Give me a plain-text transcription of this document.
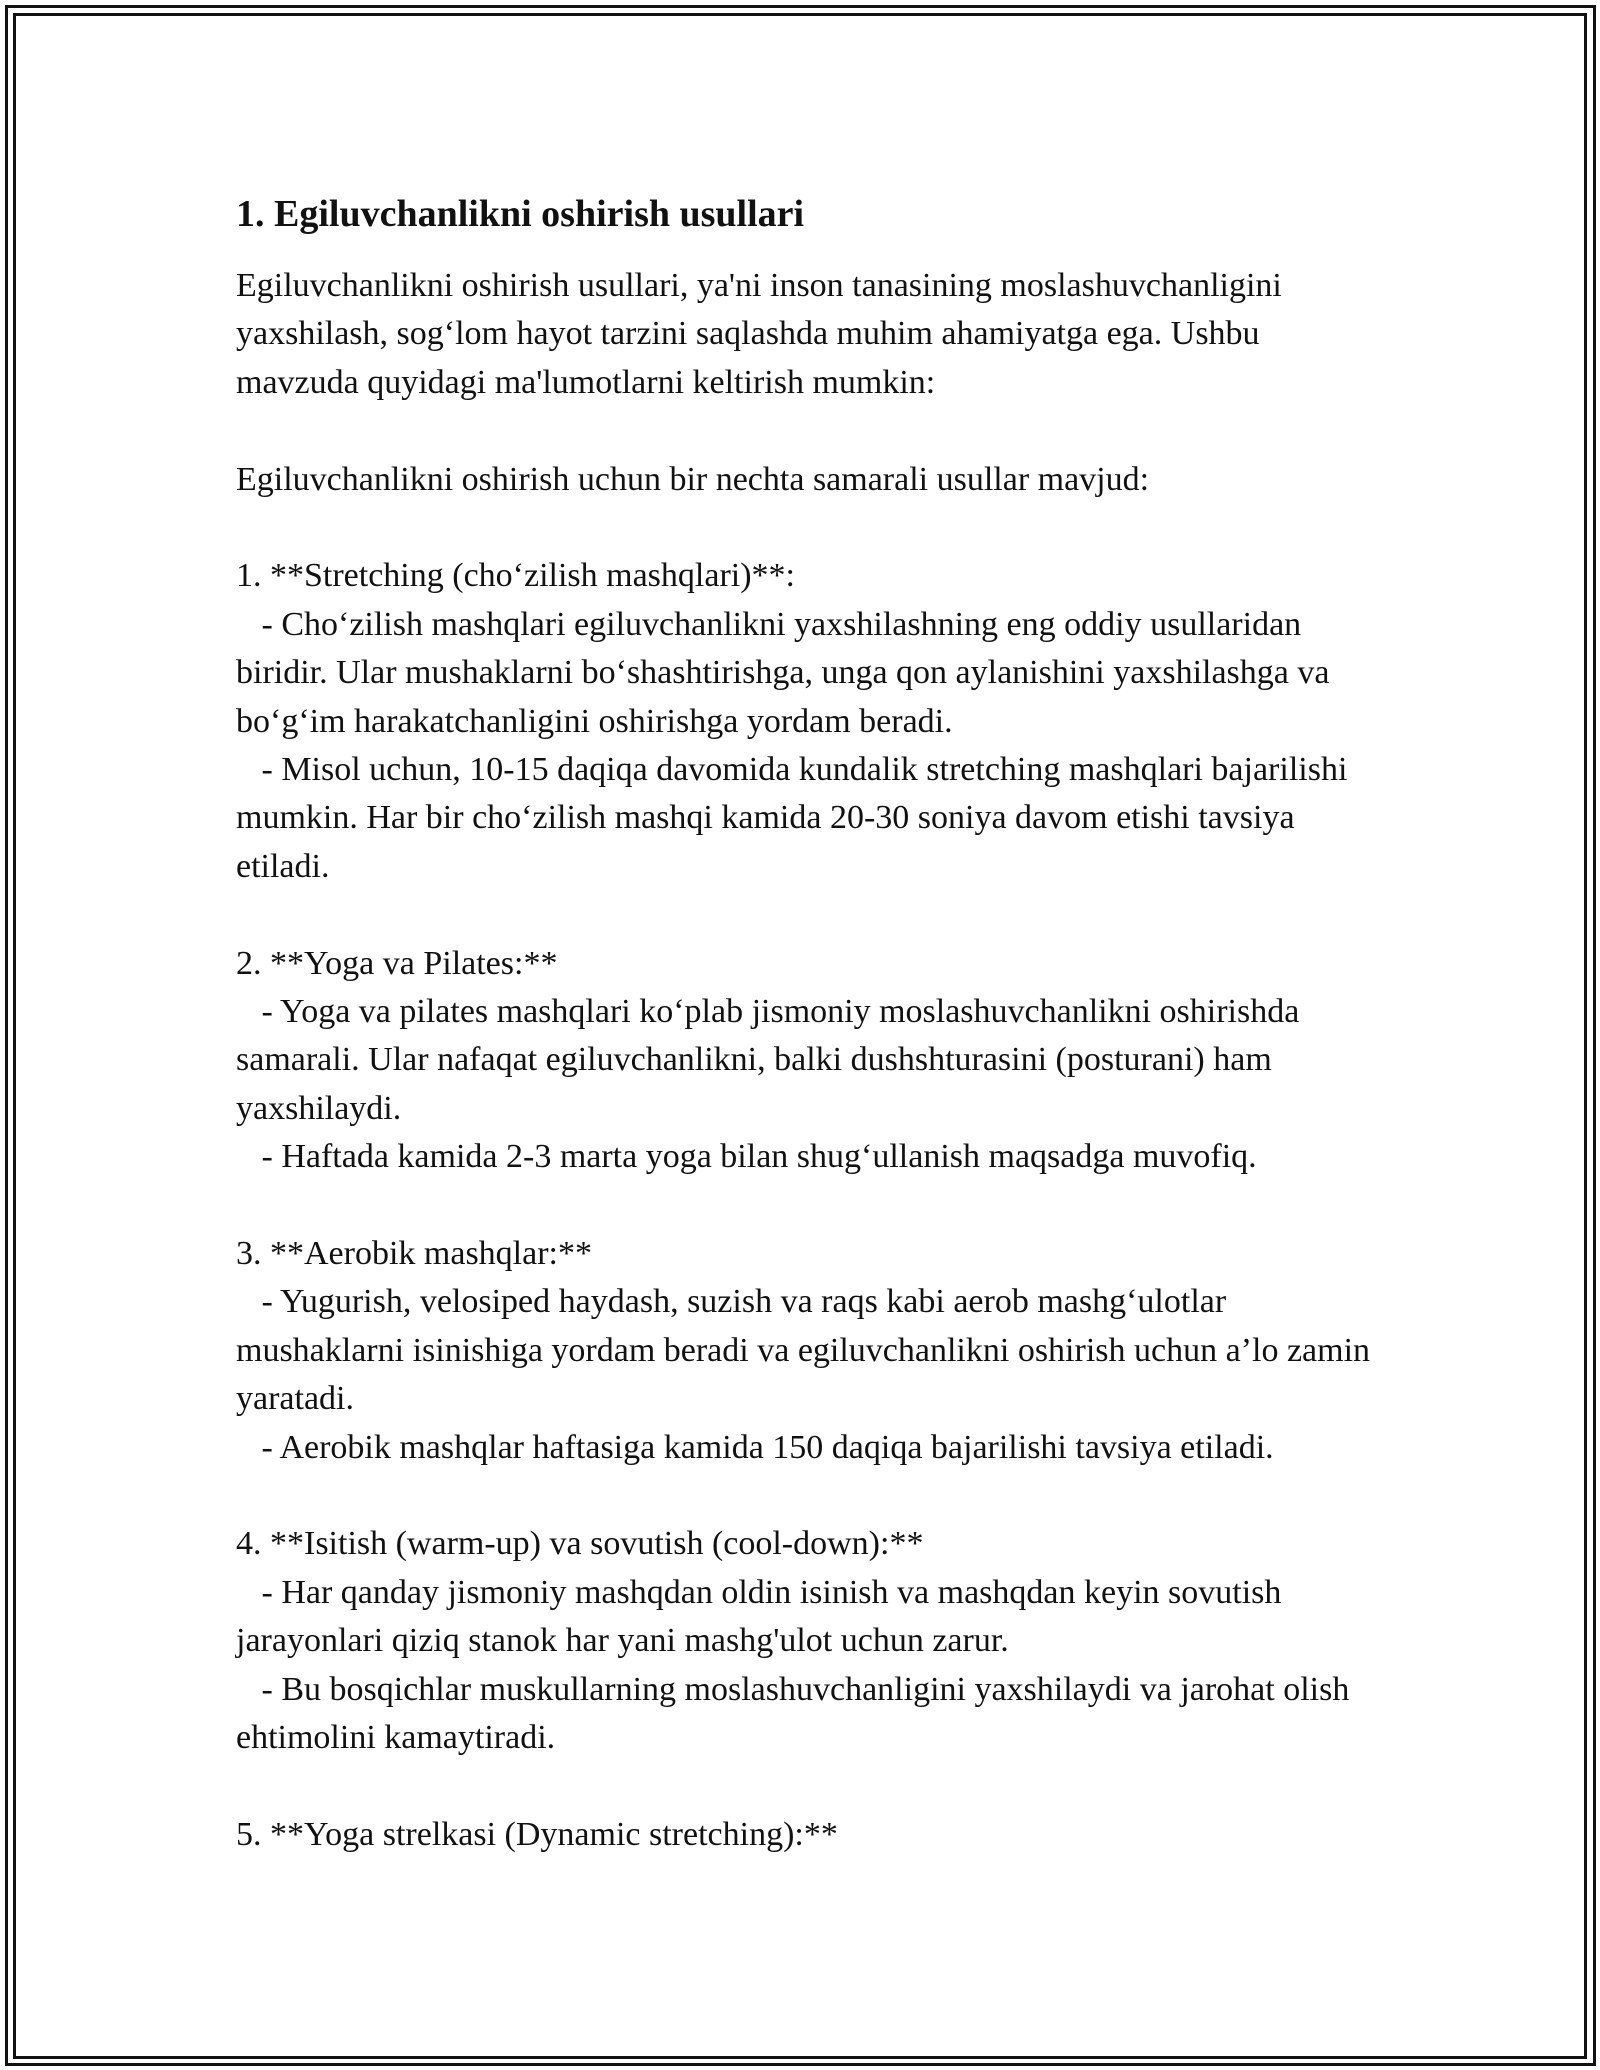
1. Egiluvchanlikni oshirish usullari

Egiluvchanlikni oshirish usullari, ya'ni inson tanasining moslashuvchanligini yaxshilash, sog‘lom hayot tarzini saqlashda muhim ahamiyatga ega. Ushbu mavzuda quyidagi ma'lumotlarni keltirish mumkin:

Egiluvchanlikni oshirish uchun bir nechta samarali usullar mavjud:

1. **Stretching (cho‘zilish mashqlari)**:

- Cho‘zilish mashqlari egiluvchanlikni yaxshilashning eng oddiy usullaridan biridir. Ular mushaklarni bo‘shashtirishga, unga qon aylanishini yaxshilashga va bo‘g‘im harakatchanligini oshirishga yordam beradi.

- Misol uchun, 10-15 daqiqa davomida kundalik stretching mashqlari bajarilishi mumkin. Har bir cho‘zilish mashqi kamida 20-30 soniya davom etishi tavsiya etiladi.

2. **Yoga va Pilates:**

- Yoga va pilates mashqlari ko‘plab jismoniy moslashuvchanlikni oshirishda samarali. Ular nafaqat egiluvchanlikni, balki dushshturasini (posturani) ham yaxshilaydi.

- Haftada kamida 2-3 marta yoga bilan shug‘ullanish maqsadga muvofiq.

3. **Aerobik mashqlar:**

- Yugurish, velosiped haydash, suzish va raqs kabi aerob mashg‘ulotlar mushaklarni isinishiga yordam beradi va egiluvchanlikni oshirish uchun a’lo zamin yaratadi.

- Aerobik mashqlar haftasiga kamida 150 daqiqa bajarilishi tavsiya etiladi.

4. **Isitish (warm-up) va sovutish (cool-down):**

- Har qanday jismoniy mashqdan oldin isinish va mashqdan keyin sovutish jarayonlari qiziq stanok har yani mashg'ulot uchun zarur.

- Bu bosqichlar muskullarning moslashuvchanligini yaxshilaydi va jarohat olish ehtimolini kamaytiradi.

5. **Yoga strelkasi (Dynamic stretching):**
